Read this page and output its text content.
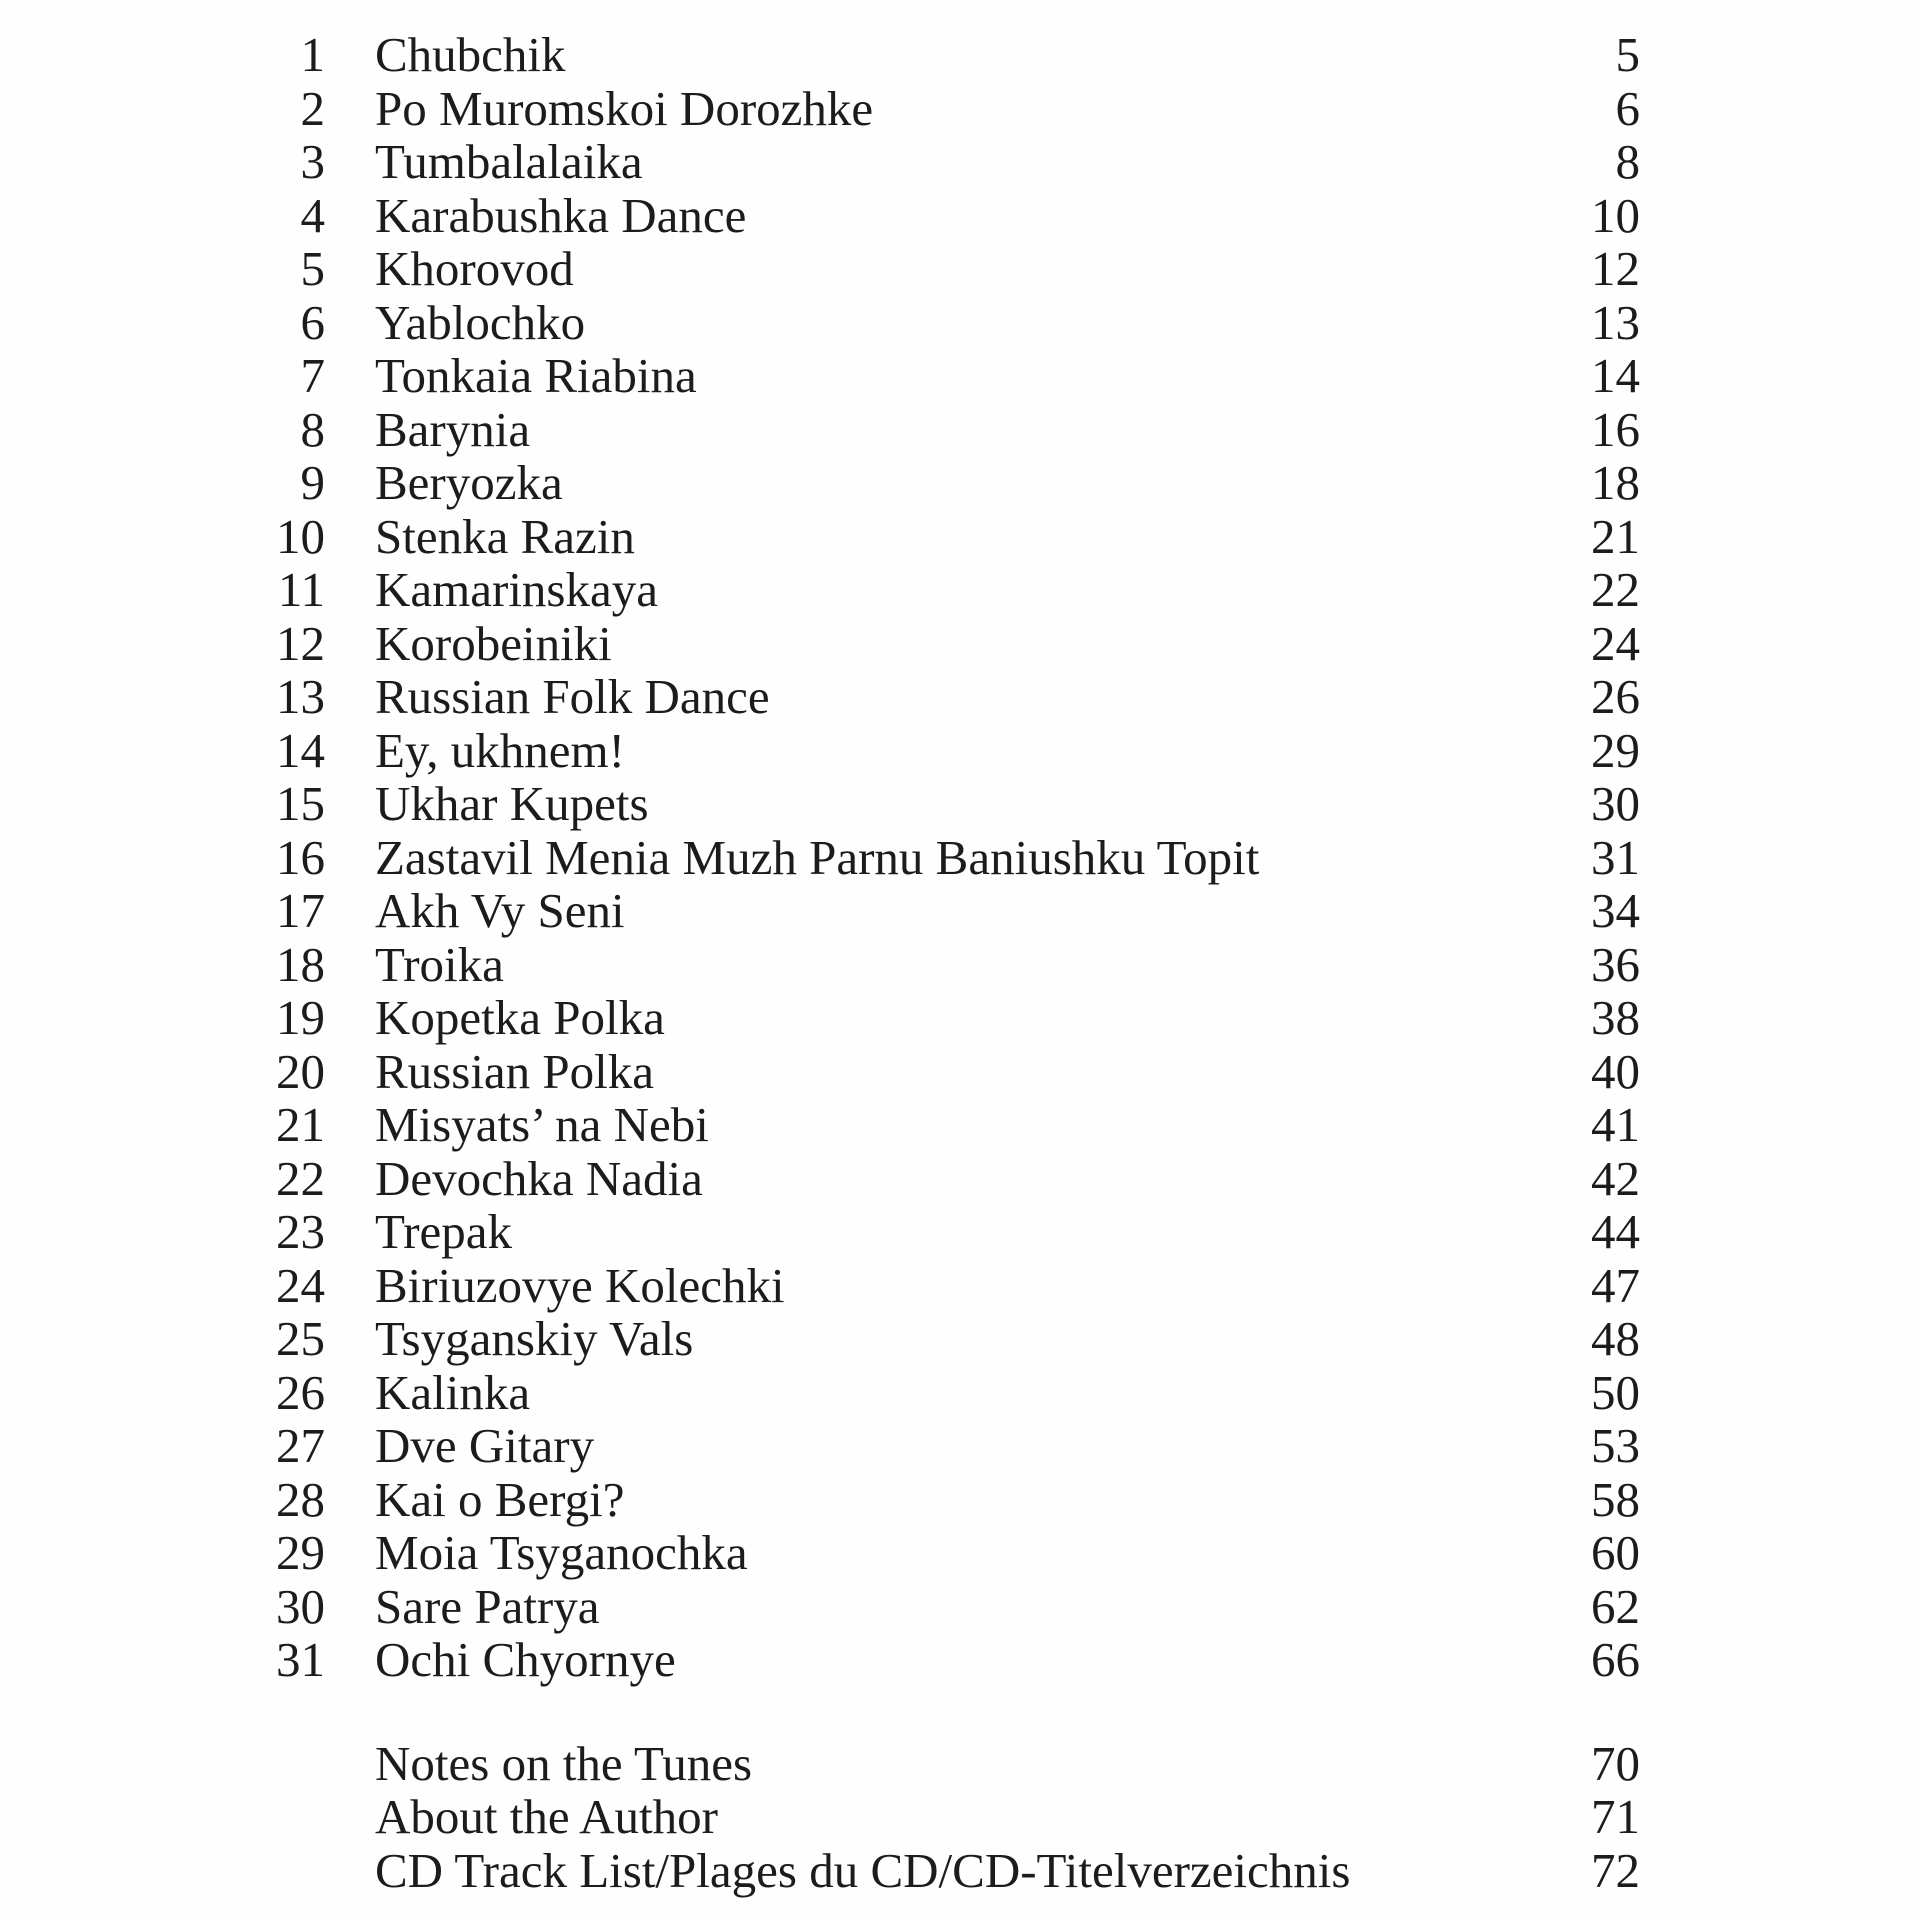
1	Chubchik	5
2	Po Muromskoi Dorozhke	6
3	Tumbalalaika	8
4	Karabushka Dance	10
5	Khorovod	12
6	Yablochko	13
7	Tonkaia Riabina	14
8	Barynia	16
9	Beryozka	18
10	Stenka Razin	21
11	Kamarinskaya	22
12	Korobeiniki	24
13	Russian Folk Dance	26
14	Ey, ukhnem!	29
15	Ukhar Kupets	30
16	Zastavil Menia Muzh Parnu Baniushku Topit	31
17	Akh Vy Seni	34
18	Troika	36
19	Kopetka Polka	38
20	Russian Polka	40
21	Misyats’ na Nebi	41
22	Devochka Nadia	42
23	Trepak	44
24	Biriuzovye Kolechki	47
25	Tsyganskiy Vals	48
26	Kalinka	50
27	Dve Gitary	53
28	Kai o Bergi?	58
29	Moia Tsyganochka	60
30	Sare Patrya	62
31	Ochi Chyornye	66
Notes on the Tunes	70
About the Author	71
CD Track List/Plages du CD/CD-Titelverzeichnis	72
